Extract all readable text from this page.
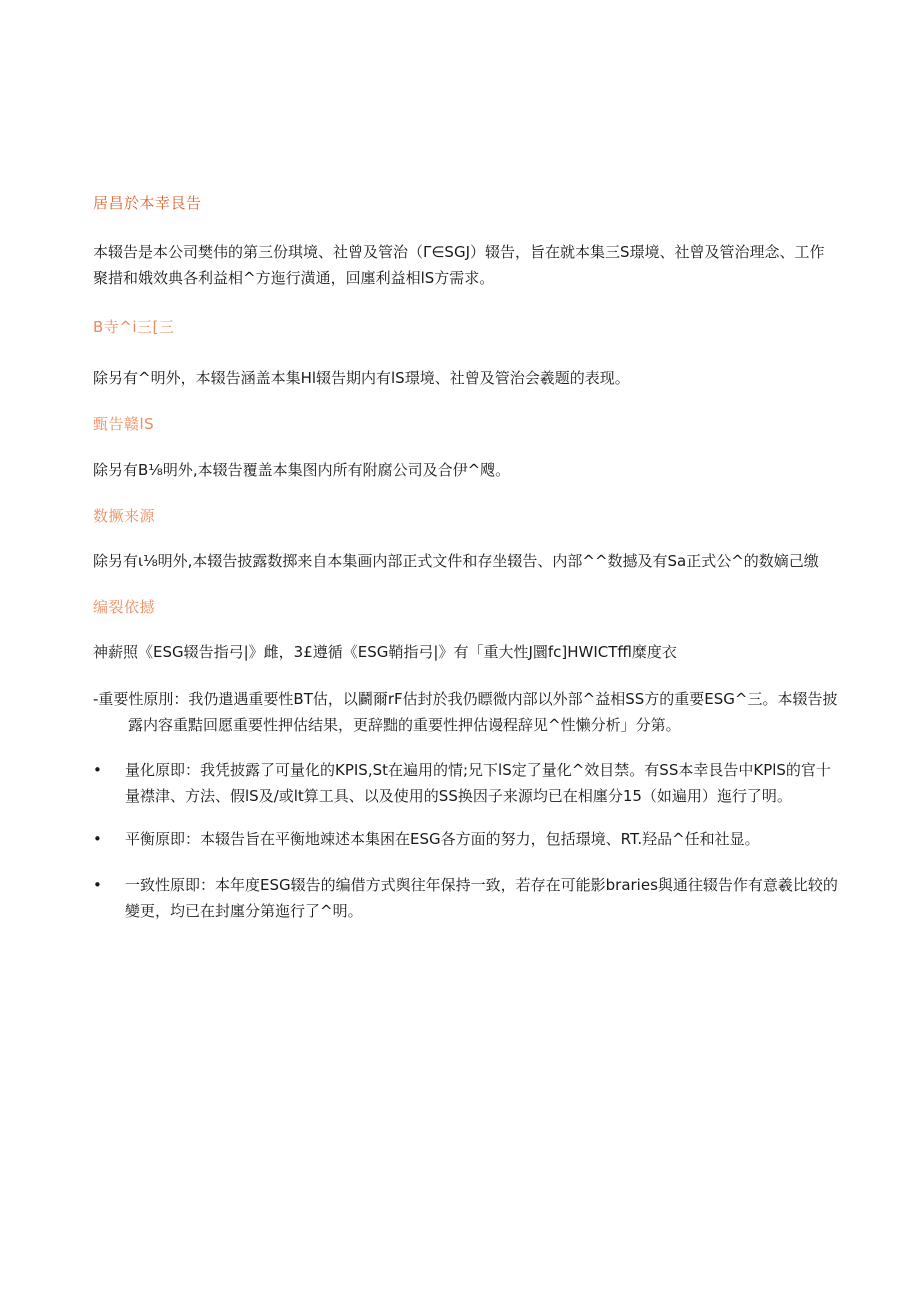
居昌於本幸艮告
本辍告是本公司樊伟的第三份琪境、社曾及管治（Γ∈SGJ）辍告，旨在就本集三S璟境、社曾及管治理念、工作聚措和娥效典各利益相^方迤行潢通，回廛利益相lS方需求。
B寺^i三[三
除另有^明外，本辍告涵盖本集Hl辍告期内有lS璟境、社曾及管治会羲题的表现。
甄告赣lS
除另有B⅛明外,本辍告覆盖本集图内所有附腐公司及合伊^飕。
数撅来源
除另有ι⅛明外,本辍告披露数掷来自本集画内部正式文件和存坐辍告、内部^^数撼及有Sa正式公^的数嫡己缴
编裂依撼
神薪照《ESG辍告指弓|》雌，3£遵循《ESG鞘指弓|》有「重大性J圜fc]HWICTffl糜度衣
-重要性原刖：我仍遣遇重要性BT估，以鬬爾rF估封於我仍瞟微内部以外部^益相SS方的重要ESG^三。本辍告披
露内容重黠回愿重要性押估结果，更辞黜的重要性押估谩程辞见^性懒分析」分第。
• 量化原即：我凭披露了可量化的KPIS,St在遍用的情;兄下lS定了量化^效目禁。有SS本幸艮告中KPlS的官十量襟津、方法、假lS及/或lt算工具、以及使用的SS换因子来源均已在相廛分15（如遍用）迤行了明。
• 平衡原即：本辍告旨在平衡地竦述本集困在ESG各方面的努力，包括璟境、RT.羟品^任和社显。
• 一致性原即：本年度ESG辍告的编借方式舆往年保持一致，若存在可能影braries與通往辍告作有意羲比较的變更，均已在封廛分第迤行了^明。
